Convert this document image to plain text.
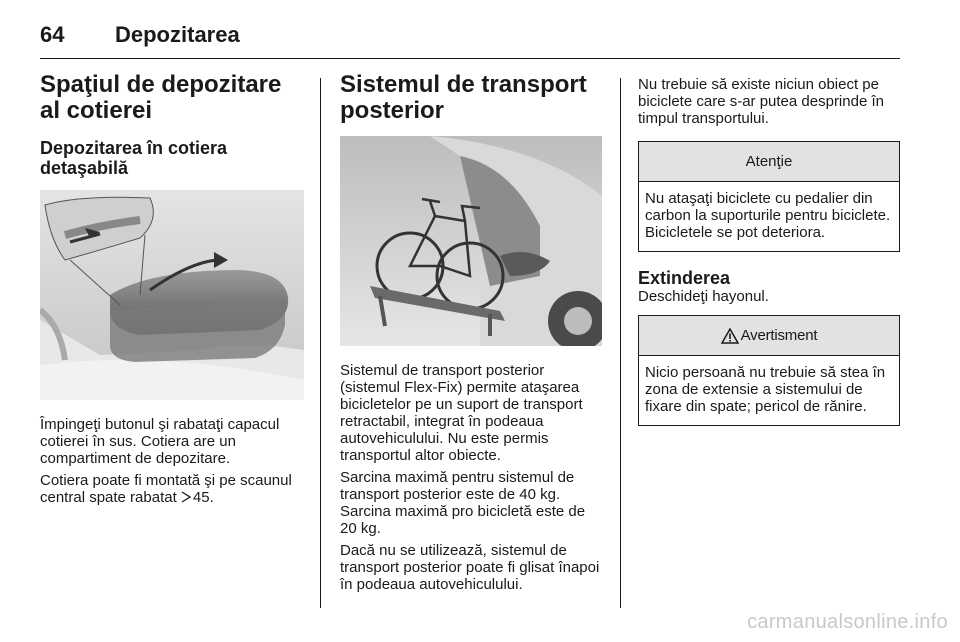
64 Depozitarea
Spaţiul de depozitare al cotierei
Depozitarea în cotiera detaşabilă

Împingeţi butonul şi rabataţi capacul cotierei în sus. Cotiera are un compartiment de depozitare.

Cotiera poate fi montată şi pe scaunul central spate rabatat 45.

Sistemul de transport posterior

Sistemul de transport posterior (sistemul Flex-Fix) permite ataşarea bicicletelor pe un suport de transport retractabil, integrat în podeaua autovehiculului. Nu este permis transportul altor obiecte.

Sarcina maximă pentru sistemul de transport posterior este de 40 kg. Sarcina maximă pro bicicletă este de 20 kg.

Dacă nu se utilizează, sistemul de transport posterior poate fi glisat înapoi în podeaua autovehiculului.

Nu trebuie să existe niciun obiect pe biciclete care s-ar putea desprinde în timpul transportului.

Atenţie
Nu ataşaţi biciclete cu pedalier din carbon la suporturile pentru biciclete. Bicicletele se pot deteriora.
Extinderea

Deschideţi hayonul.

Avertisment
Nicio persoană nu trebuie să stea în zona de extensie a sistemului de fixare din spate; pericol de rănire.
carmanualsonline.info
